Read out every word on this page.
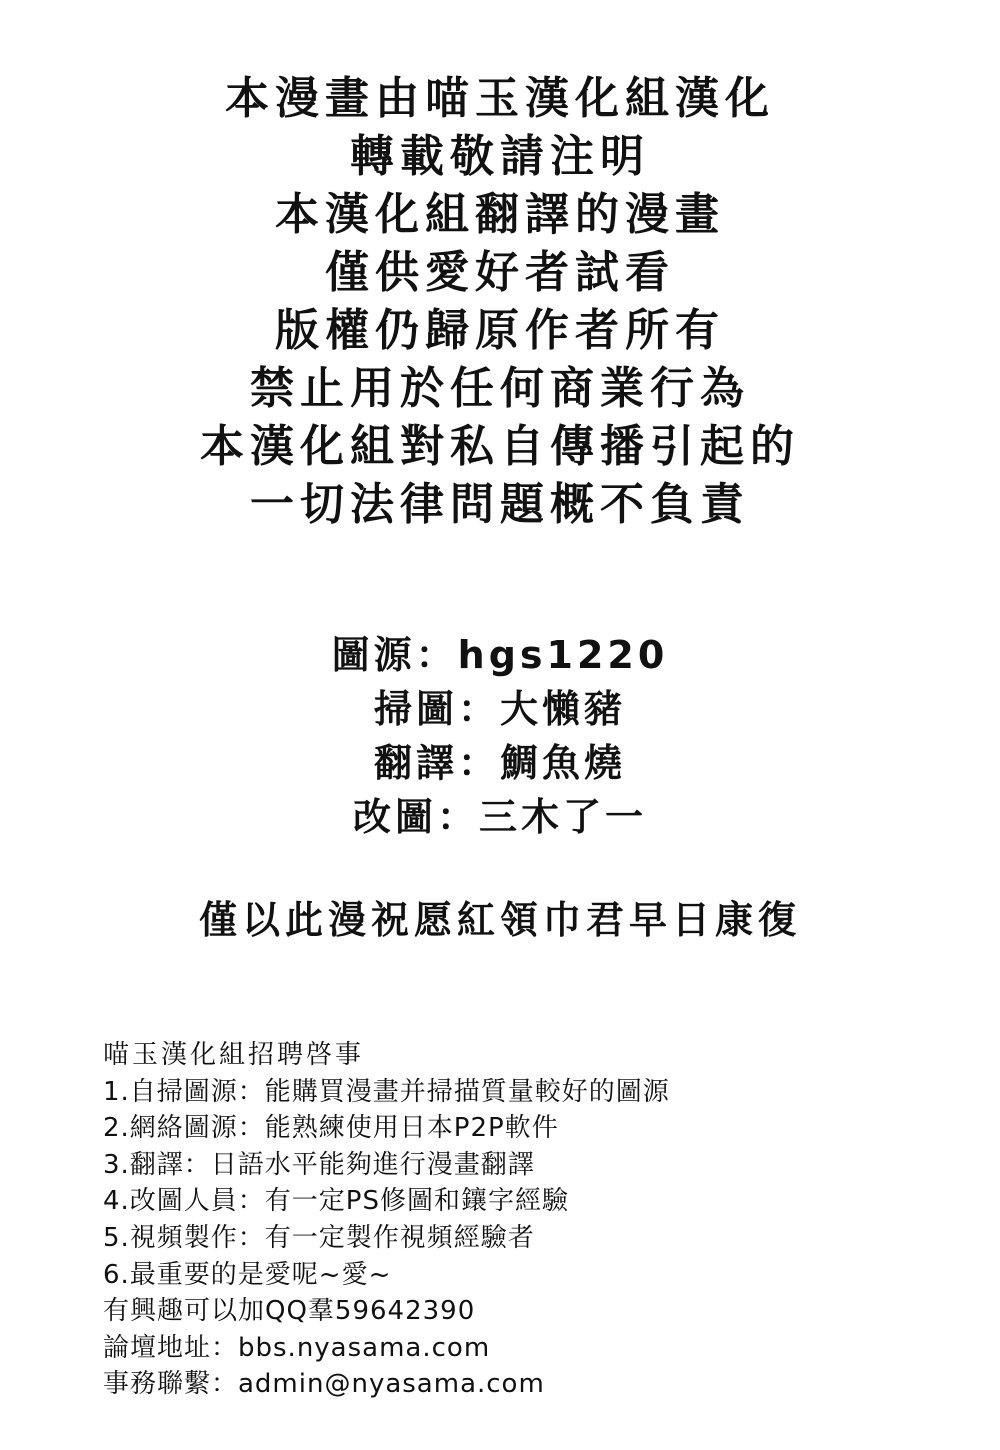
本漫畫由喵玉漢化組漢化
轉載敬請注明
本漢化組翻譯的漫畫
僅供愛好者試看
版權仍歸原作者所有
禁止用於任何商業行為
本漢化組對私自傳播引起的
一切法律問題概不負責
圖源：hgs1220
掃圖：大懶豬
翻譯：鯛魚燒
改圖：三木了一
僅以此漫祝愿紅領巾君早日康復
喵玉漢化組招聘啓事
1.自掃圖源：能購買漫畫并掃描質量較好的圖源
2.網絡圖源：能熟練使用日本P2P軟件
3.翻譯：日語水平能夠進行漫畫翻譯
4.改圖人員：有一定PS修圖和鑲字經驗
5.視頻製作：有一定製作視頻經驗者
6.最重要的是愛呢~愛~
有興趣可以加QQ羣59642390
論壇地址：bbs.nyasama.com
事務聯繫：admin@nyasama.com
